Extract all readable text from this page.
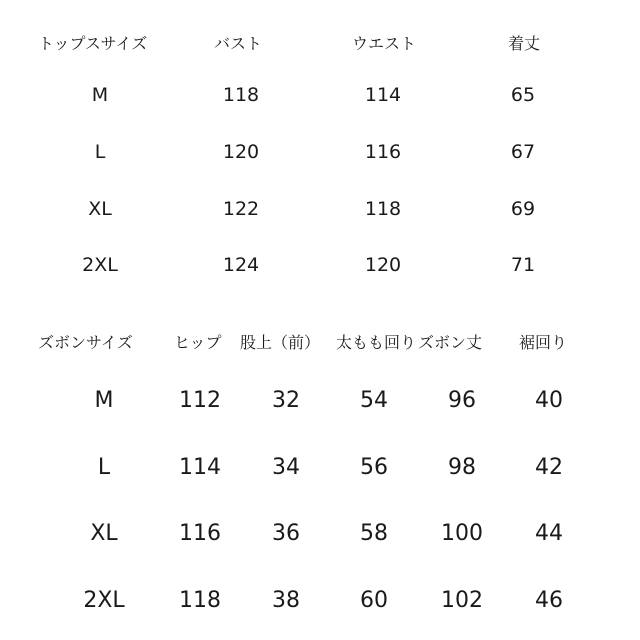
トップスサイズ	バスト	ウエスト	着丈
M	118	114	65
L	120	116	67
XL	122	118	69
2XL	124	120	71
ズボンサイズ	ヒップ 股上（前） 太もも回り ズボン丈 裾回り
M	112 32	54	96	40
L	114 34	56	98	42
XL	116 36	58 100 44
2XL 118 38	60 102 46
